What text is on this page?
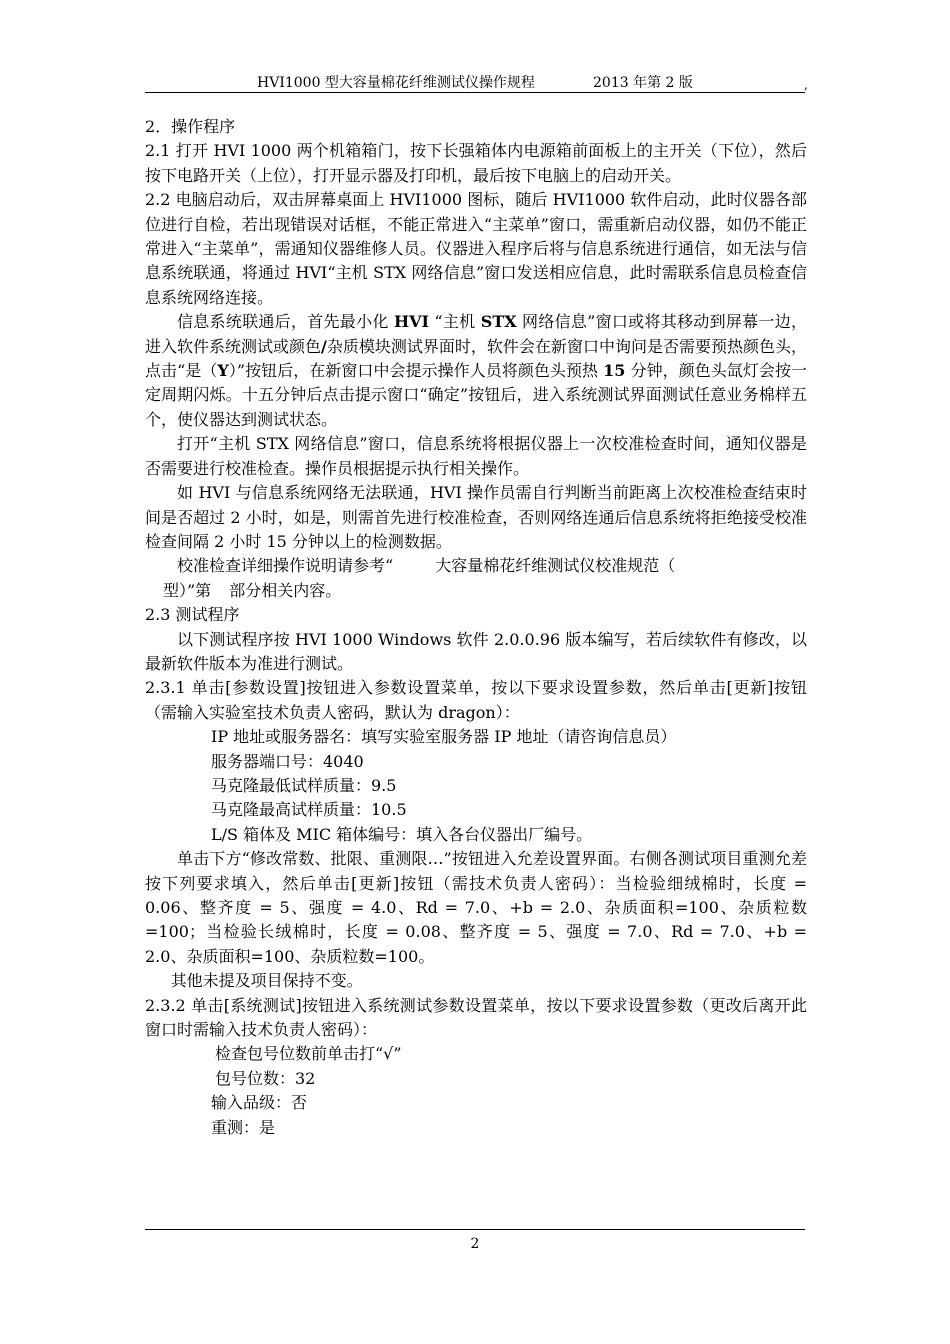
HVI1000 型大容量棉花纤维测试仪操作规程	2013 年第 2 版	,

2．操作程序

2.1 打开 HVI 1000 两个机箱箱门，按下长强箱体内电源箱前面板上的主开关（下位），然后按下电路开关（上位），打开显示器及打印机，最后按下电脑上的启动开关。

2.2 电脑启动后，双击屏幕桌面上 HVI1000 图标，随后 HVI1000 软件启动，此时仪器各部位进行自检，若出现错误对话框，不能正常进入“主菜单”窗口，需重新启动仪器，如仍不能正常进入“主菜单”，需通知仪器维修人员。仪器进入程序后将与信息系统进行通信，如无法与信息系统联通，将通过 HVI“主机 STX 网络信息”窗口发送相应信息，此时需联系信息员检查信息系统网络连接。

信息系统联通后，首先最小化 HVI “主机 STX 网络信息”窗口或将其移动到屏幕一边，进入软件系统测试或颜色/杂质模块测试界面时，软件会在新窗口中询问是否需要预热颜色头，点击“是（Y）”按钮后，在新窗口中会提示操作人员将颜色头预热 15 分钟，颜色头氙灯会按一定周期闪烁。十五分钟后点击提示窗口“确定”按钮后，进入系统测试界面测试任意业务棉样五个，使仪器达到测试状态。

打开“主机 STX 网络信息”窗口，信息系统将根据仪器上一次校准检查时间，通知仪器是否需要进行校准检查。操作员根据提示执行相关操作。

如 HVI 与信息系统网络无法联通，HVI 操作员需自行判断当前距离上次校准检查结束时间是否超过 2 小时，如是，则需首先进行校准检查，否则网络连通后信息系统将拒绝接受校准检查间隔 2 小时 15 分钟以上的检测数据。

校准检查详细操作说明请参考“	大容量棉花纤维测试仪校准规范（
型）”第 部分相关内容。

2.3 测试程序

以下测试程序按 HVI 1000 Windows 软件 2.0.0.96 版本编写，若后续软件有修改，以最新软件版本为准进行测试。

2.3.1 单击[参数设置]按钮进入参数设置菜单，按以下要求设置参数，然后单击[更新]按钮（需输入实验室技术负责人密码，默认为 dragon）：

IP 地址或服务器名：填写实验室服务器 IP 地址（请咨询信息员）

服务器端口号：4040

马克隆最低试样质量：9.5

马克隆最高试样质量：10.5

L/S 箱体及 MIC 箱体编号：填入各台仪器出厂编号。

单击下方“修改常数、批限、重测限…”按钮进入允差设置界面。右侧各测试项目重测允差按下列要求填入，然后单击[更新]按钮（需技术负责人密码）：当检验细绒棉时，长度 = 0.06、整齐度 = 5、强度 = 4.0、Rd = 7.0、+b = 2.0、杂质面积=100、杂质粒数=100；当检验长绒棉时，长度 = 0.08、整齐度 = 5、强度 = 7.0、Rd = 7.0、+b = 2.0、杂质面积=100、杂质粒数=100。

其他未提及项目保持不变。

2.3.2 单击[系统测试]按钮进入系统测试参数设置菜单，按以下要求设置参数（更改后离开此窗口时需输入技术负责人密码）：

检查包号位数前单击打“√”

包号位数：32

输入品级：否

重测：是

2
